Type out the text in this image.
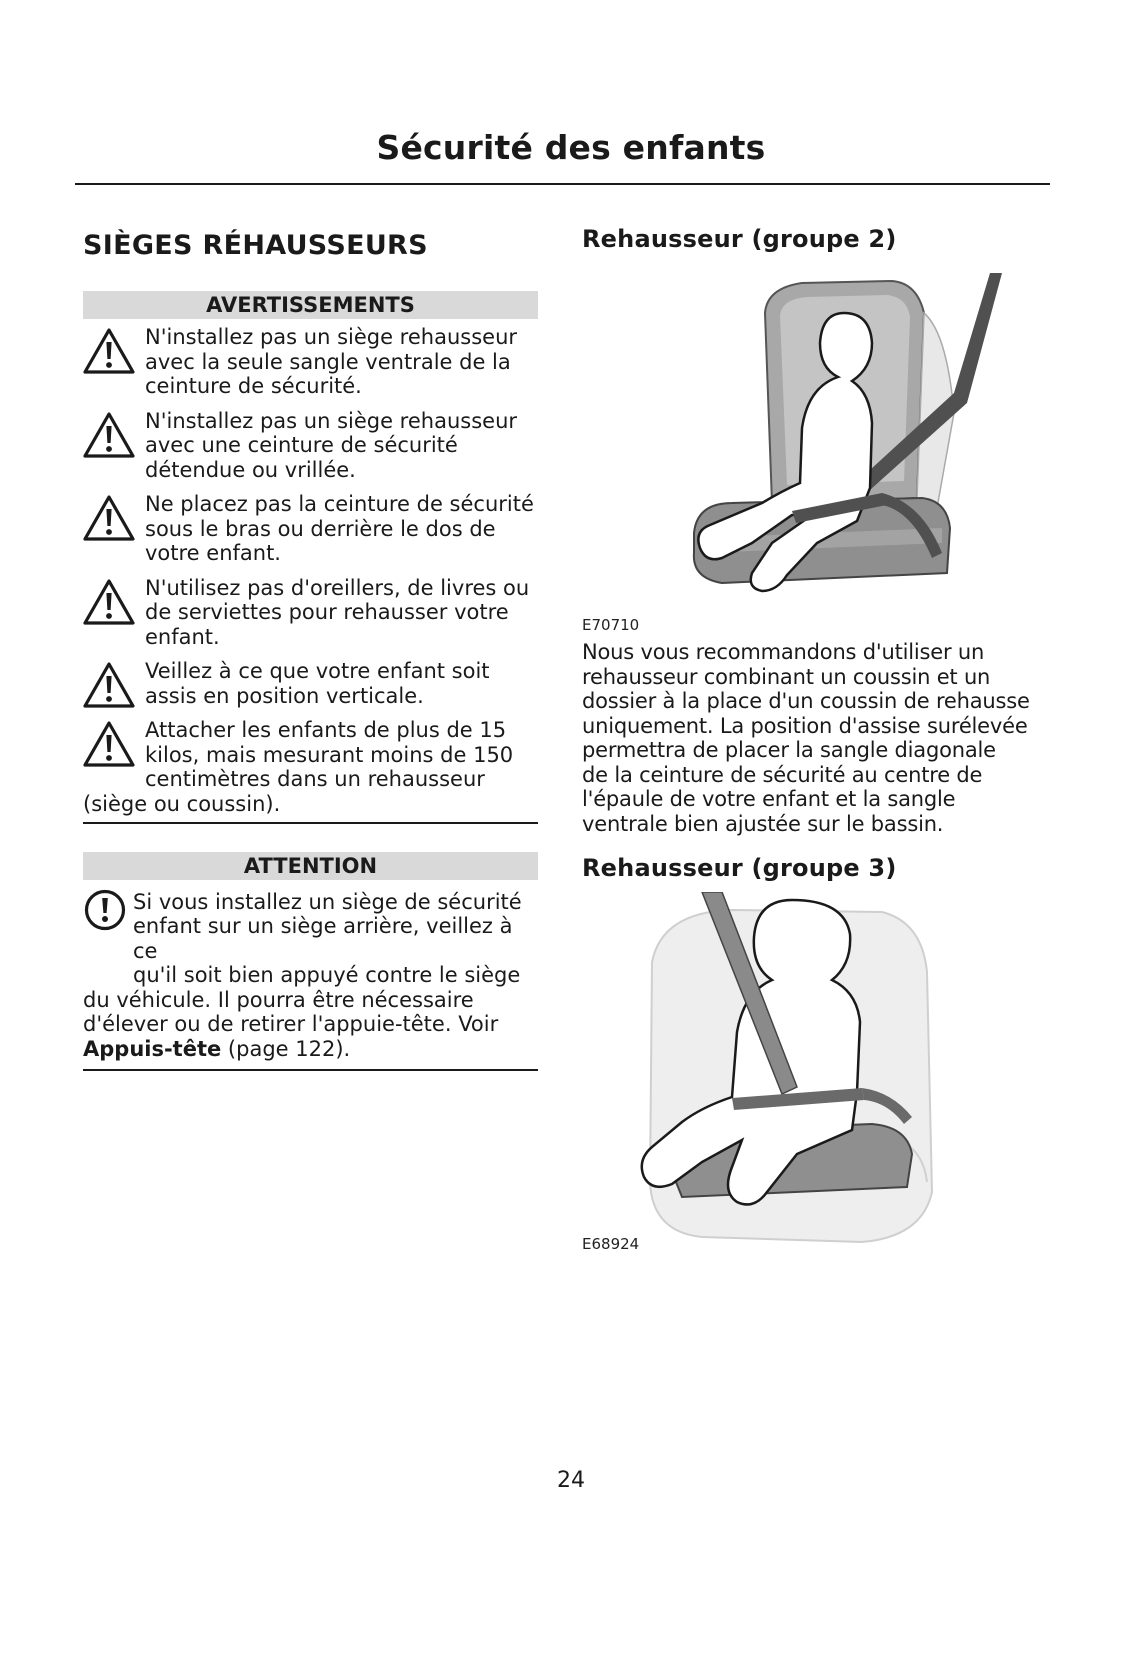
Sécurité des enfants
SIÈGES RÉHAUSSEURS
AVERTISSEMENTS
N'installez pas un siège rehausseur
avec la seule sangle ventrale de la
ceinture de sécurité.
N'installez pas un siège rehausseur
avec une ceinture de sécurité
détendue ou vrillée.
Ne placez pas la ceinture de sécurité
sous le bras ou derrière le dos de
votre enfant.
N'utilisez pas d'oreillers, de livres ou
de serviettes pour rehausser votre
enfant.
Veillez à ce que votre enfant soit
assis en position verticale.
Attacher les enfants de plus de 15
kilos, mais mesurant moins de 150
centimètres dans un rehausseur
(siège ou coussin).
ATTENTION
Si vous installez un siège de sécurité
enfant sur un siège arrière, veillez à ce
qu'il soit bien appuyé contre le siège
du véhicule. Il pourra être nécessaire
d'élever ou de retirer l'appuie-tête. Voir
Appuis-tête (page 122).
Rehausseur (groupe 2)
E70710
Nous vous recommandons d'utiliser un
rehausseur combinant un coussin et un
dossier à la place d'un coussin de rehausse
uniquement. La position d'assise surélevée
permettra de placer la sangle diagonale
de la ceinture de sécurité au centre de
l'épaule de votre enfant et la sangle
ventrale bien ajustée sur le bassin.
Rehausseur (groupe 3)
E68924
24
